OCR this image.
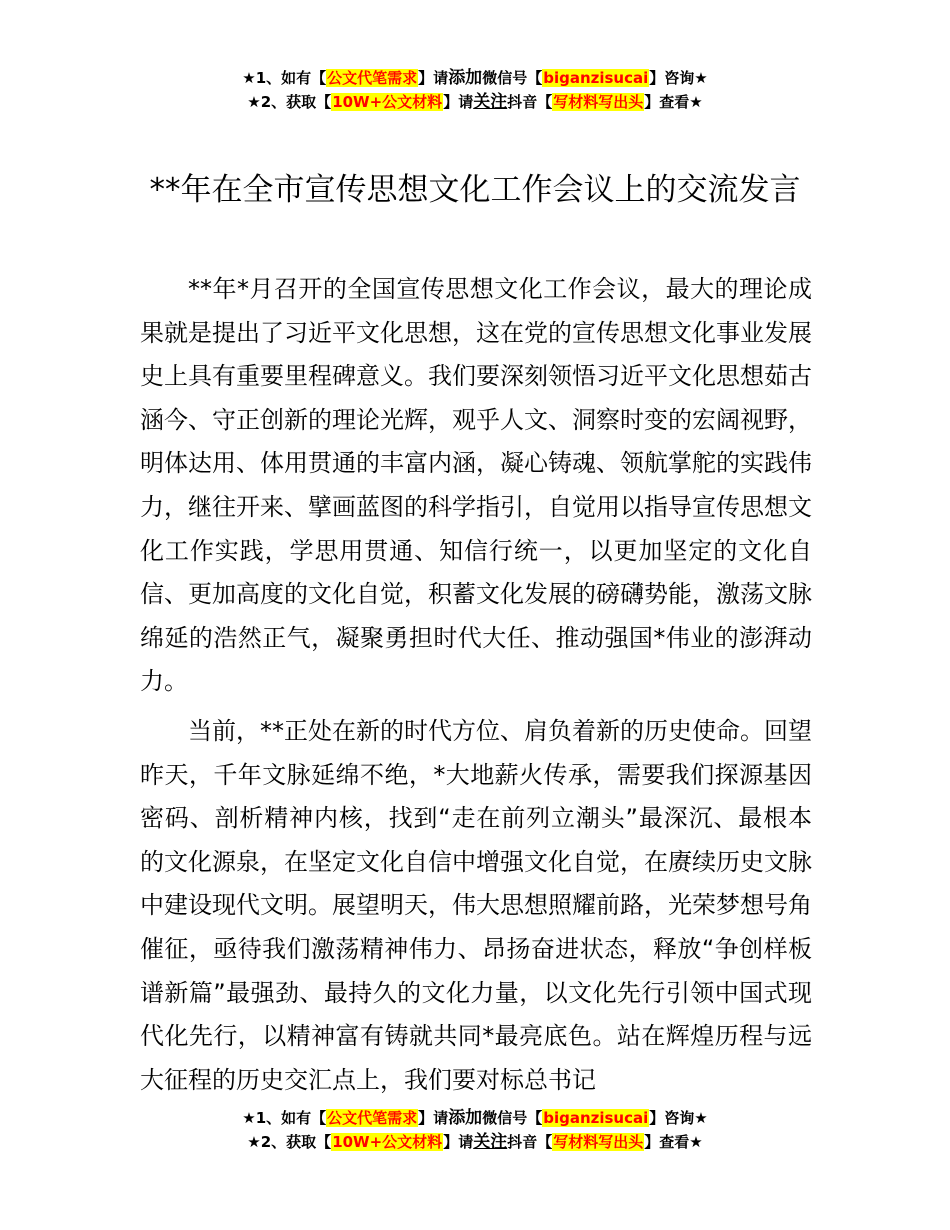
★1、如有【公文代笔需求】请添加微信号【biganzisucai】咨询★
★2、获取【10W+公文材料】请关注抖音【写材料写出头】查看★
**年在全市宣传思想文化工作会议上的交流发言

**年*月召开的全国宣传思想文化工作会议，最大的理论成果就是提出了习近平文化思想，这在党的宣传思想文化事业发展史上具有重要里程碑意义。我们要深刻领悟习近平文化思想茹古涵今、守正创新的理论光辉，观乎人文、洞察时变的宏阔视野，明体达用、体用贯通的丰富内涵，凝心铸魂、领航掌舵的实践伟力，继往开来、擘画蓝图的科学指引，自觉用以指导宣传思想文化工作实践，学思用贯通、知信行统一，以更加坚定的文化自信、更加高度的文化自觉，积蓄文化发展的磅礴势能，激荡文脉绵延的浩然正气，凝聚勇担时代大任、推动强国*伟业的澎湃动力。

当前，**正处在新的时代方位、肩负着新的历史使命。回望昨天，千年文脉延绵不绝，*大地薪火传承，需要我们探源基因密码、剖析精神内核，找到“走在前列立潮头”最深沉、最根本的文化源泉，在坚定文化自信中增强文化自觉，在赓续历史文脉中建设现代文明。展望明天，伟大思想照耀前路，光荣梦想号角催征，亟待我们激荡精神伟力、昂扬奋进状态，释放“争创样板谱新篇”最强劲、最持久的文化力量，以文化先行引领中国式现代化先行，以精神富有铸就共同*最亮底色。站在辉煌历程与远大征程的历史交汇点上，我们要对标总书记

★1、如有【公文代笔需求】请添加微信号【biganzisucai】咨询★
★2、获取【10W+公文材料】请关注抖音【写材料写出头】查看★
